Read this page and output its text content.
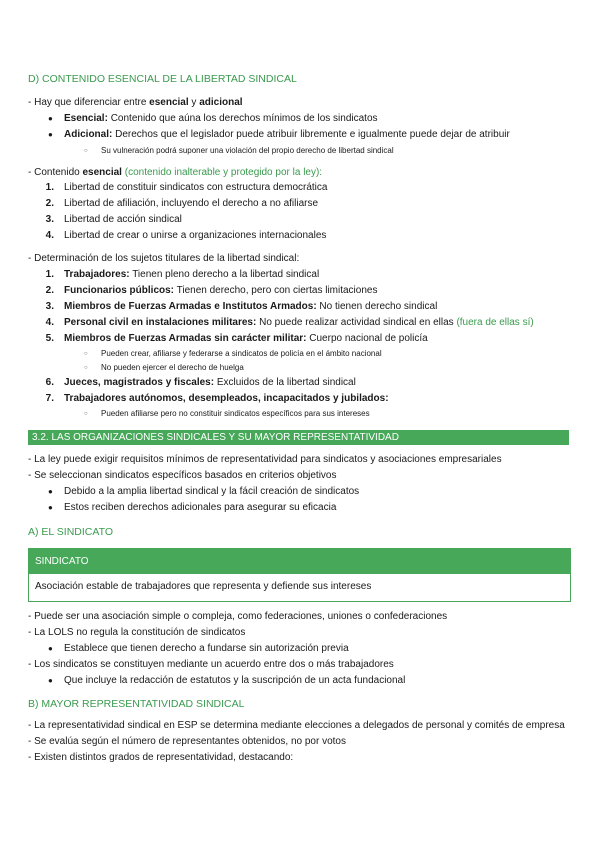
D) CONTENIDO ESENCIAL DE LA LIBERTAD SINDICAL
- Hay que diferenciar entre esencial y adicional
● Esencial: Contenido que aúna los derechos mínimos de los sindicatos
● Adicional: Derechos que el legislador puede atribuir libremente e igualmente puede dejar de atribuir
○ Su vulneración podrá suponer una violación del propio derecho de libertad sindical
- Contenido esencial (contenido inalterable y protegido por la ley):
1. Libertad de constituir sindicatos con estructura democrática
2. Libertad de afiliación, incluyendo el derecho a no afiliarse
3. Libertad de acción sindical
4. Libertad de crear o unirse a organizaciones internacionales
- Determinación de los sujetos titulares de la libertad sindical:
1. Trabajadores: Tienen pleno derecho a la libertad sindical
2. Funcionarios públicos: Tienen derecho, pero con ciertas limitaciones
3. Miembros de Fuerzas Armadas e Institutos Armados: No tienen derecho sindical
4. Personal civil en instalaciones militares: No puede realizar actividad sindical en ellas (fuera de ellas sí)
5. Miembros de Fuerzas Armadas sin carácter militar: Cuerpo nacional de policía
○ Pueden crear, afiliarse y federarse a sindicatos de policía en el ámbito nacional
○ No pueden ejercer el derecho de huelga
6. Jueces, magistrados y fiscales: Excluidos de la libertad sindical
7. Trabajadores autónomos, desempleados, incapacitados y jubilados:
○ Pueden afiliarse pero no constituir sindicatos específicos para sus intereses
3.2. LAS ORGANIZACIONES SINDICALES Y SU MAYOR REPRESENTATIVIDAD
- La ley puede exigir requisitos mínimos de representatividad para sindicatos y asociaciones empresariales
- Se seleccionan sindicatos específicos basados en criterios objetivos
● Debido a la amplia libertad sindical y la fácil creación de sindicatos
● Estos reciben derechos adicionales para asegurar su eficacia
A) EL SINDICATO
SINDICATO
Asociación estable de trabajadores que representa y defiende sus intereses
- Puede ser una asociación simple o compleja, como federaciones, uniones o confederaciones
- La LOLS no regula la constitución de sindicatos
● Establece que tienen derecho a fundarse sin autorización previa
- Los sindicatos se constituyen mediante un acuerdo entre dos o más trabajadores
● Que incluye la redacción de estatutos y la suscripción de un acta fundacional
B) MAYOR REPRESENTATIVIDAD SINDICAL
- La representatividad sindical en ESP se determina mediante elecciones a delegados de personal y comités de empresa
- Se evalúa según el número de representantes obtenidos, no por votos
- Existen distintos grados de representatividad, destacando:
